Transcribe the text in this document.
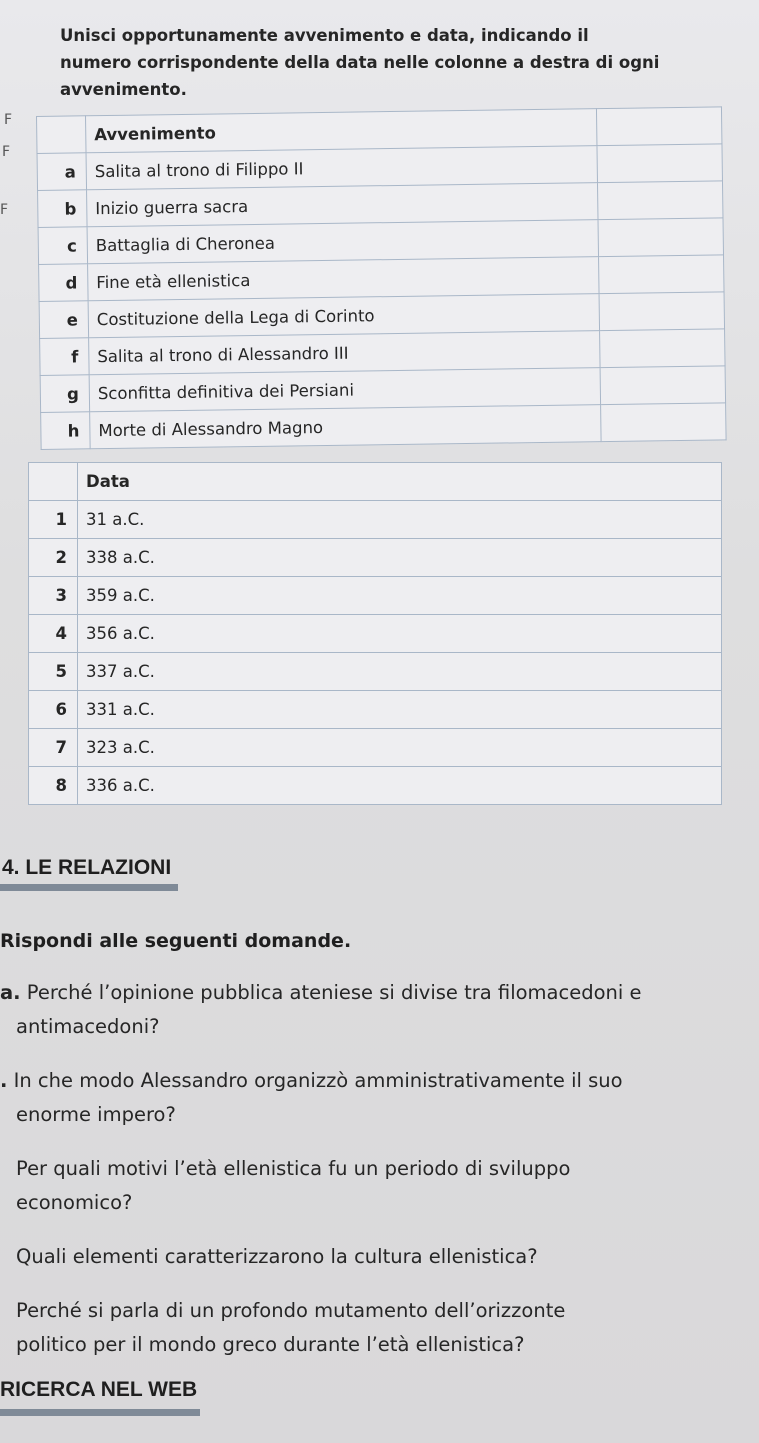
Unisci opportunamente avvenimento e data, indicando il
numero corrispondente della data nelle colonne a destra di ogni
avvenimento.
F
F
F
	Avvenimento	
a	Salita al trono di Filippo II	
b	Inizio guerra sacra	
c	Battaglia di Cheronea	
d	Fine età ellenistica	
e	Costituzione della Lega di Corinto	
f	Salita al trono di Alessandro III	
g	Sconfitta definitiva dei Persiani	
h	Morte di Alessandro Magno	
	Data
1	31 a.C.
2	338 a.C.
3	359 a.C.
4	356 a.C.
5	337 a.C.
6	331 a.C.
7	323 a.C.
8	336 a.C.
4. LE RELAZIONI
Rispondi alle seguenti domande.
a. Perché l’opinione pubblica ateniese si divise tra filomacedoni e
antimacedoni?
. In che modo Alessandro organizzò amministrativamente il suo
enorme impero?
Per quali motivi l’età ellenistica fu un periodo di sviluppo
economico?
Quali elementi caratterizzarono la cultura ellenistica?
Perché si parla di un profondo mutamento dell’orizzonte
politico per il mondo greco durante l’età ellenistica?
RICERCA NEL WEB
